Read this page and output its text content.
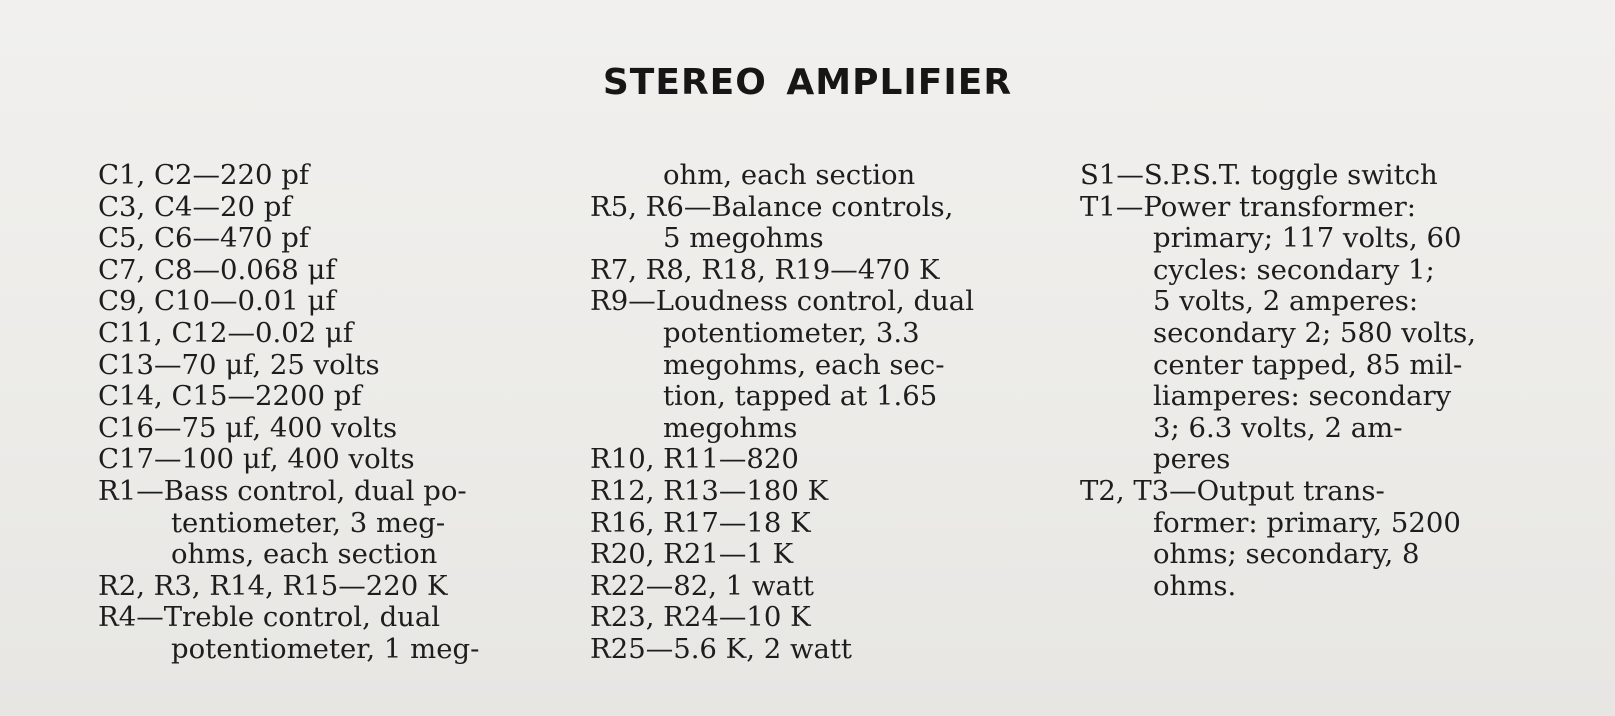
STEREO AMPLIFIER
C1, C2—220 pf
C3, C4—20 pf
C5, C6—470 pf
C7, C8—0.068 μf
C9, C10—0.01 μf
C11, C12—0.02 μf
C13—70 μf, 25 volts
C14, C15—2200 pf
C16—75 μf, 400 volts
C17—100 μf, 400 volts
R1—Bass control, dual po-
tentiometer, 3 meg-
ohms, each section
R2, R3, R14, R15—220 K
R4—Treble control, dual
potentiometer, 1 meg-
ohm, each section
R5, R6—Balance controls,
5 megohms
R7, R8, R18, R19—470 K
R9—Loudness control, dual
potentiometer, 3.3
megohms, each sec-
tion, tapped at 1.65
megohms
R10, R11—820
R12, R13—180 K
R16, R17—18 K
R20, R21—1 K
R22—82, 1 watt
R23, R24—10 K
R25—5.6 K, 2 watt
S1—S.P.S.T. toggle switch
T1—Power transformer:
primary; 117 volts, 60
cycles: secondary 1;
5 volts, 2 amperes:
secondary 2; 580 volts,
center tapped, 85 mil-
liamperes: secondary
3; 6.3 volts, 2 am-
peres
T2, T3—Output trans-
former: primary, 5200
ohms; secondary, 8
ohms.
